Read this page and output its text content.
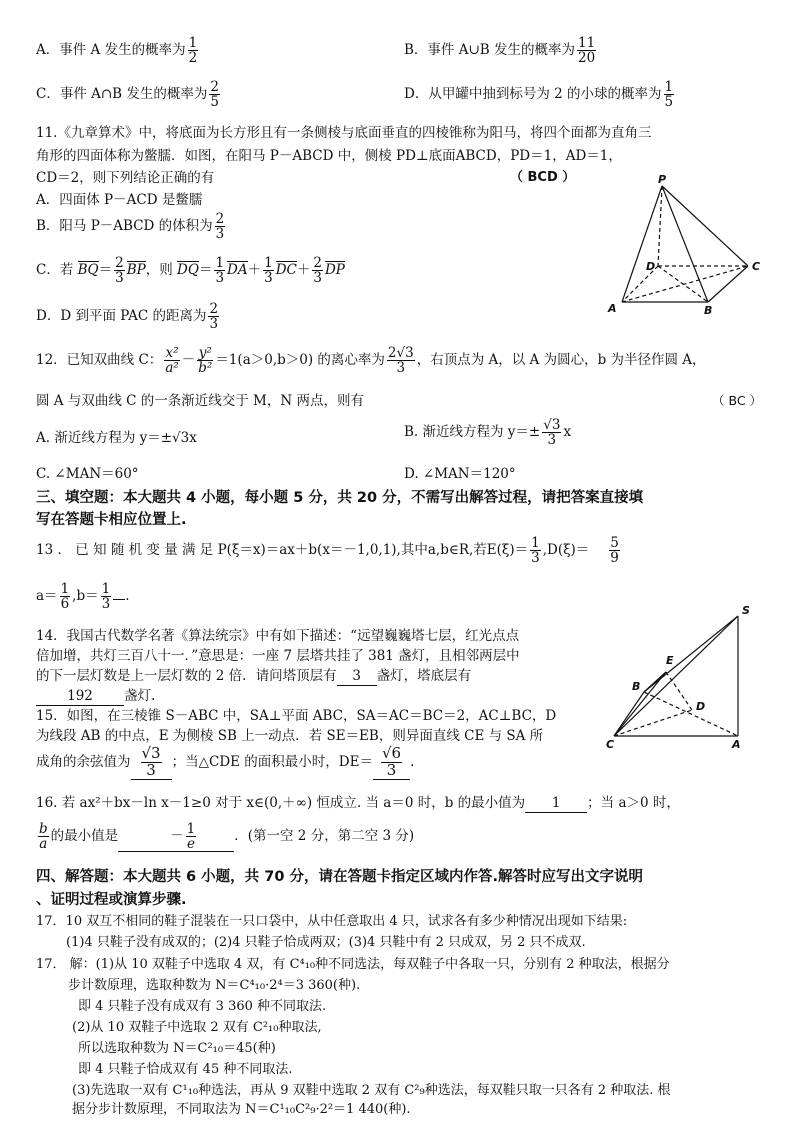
A．事件 A 发生的概率为 $\frac{1}{2}$	B．事件 A∪B 发生的概率为 $\frac{11}{20}$
C．事件 A∩B 发生的概率为 $\frac{2}{5}$	D．从甲罐中抽到标号为 2 的小球的概率为 $\frac{1}{5}$
11.《九章算术》中，将底面为长方形且有一条侧棱与底面垂直的四棱锥称为阳马，将四个面都为直角三
角形的四面体称为鳖臑．如图，在阳马 P－ABCD 中，侧棱 PD⊥底面ABCD，PD＝1，AD＝1，
CD＝2，则下列结论正确的有	（ BCD ）
A．四面体 P－ACD 是鳖臑
B．阳马 P－ABCD 的体积为 $\frac{2}{3}$
C．若 $BQ= \frac{2}{3}$ BP，则 $DQ= \frac{1}{3} DA+ \frac{1}{3} DC+ \frac{2}{3}$ DP
D．D 到平面 PAC 的距离为 $\frac{2}{3}$
P
A	B
C
D
12．已知双曲线 C： $\frac{\text{x²}}{\text{a²}} - \frac{\text{y²}}{\text{b²}} =1(a>0,b>0)$ 的离心率为 $\frac{2√3}{3}$ ，右顶点为 A，以 A 为圆心，b 为半径作圆 A，
圆 A 与双曲线 C 的一条渐近线交于 M，N 两点，则有	（ BC ）
A. 渐近线方程为 y＝±√3x	B. 渐近线方程为 $y=\pm \frac{√3}{3}$ x
C. ∠MAN＝60°	D. ∠MAN＝120°
三、填空题：本大题共 4 小题，每小题 5 分，共 20 分，不需写出解答过程，请把答案直接填
写在答题卡相应位置上.
13 ． 已 知 随 机 变 量 满 足 P(ξ＝x)＝ax＋b(x＝－1,0,1),其中a,b∈R,若$E(\xi)= \frac{1}{3} ,D(\xi)= \frac{5}{9}$
$a= \frac{1}{6} ,b= \frac{1}{3}$ .
14．我国古代数学名著《算法统宗》中有如下描述：“远望巍巍塔七层，红光点点
倍加增，共灯三百八十一．”意思是：一座 7 层塔共挂了 381 盏灯，且相邻两层中
的下一层灯数是上一层灯数的 2 倍．请问塔顶层有 3 盏灯，塔底层有
192 盏灯.
15．如图，在三棱锥 S－ABC 中，SA⊥平面 ABC，SA＝AC＝BC＝2，AC⊥BC，D
为线段 AB 的中点，E 为侧棱 SB 上一动点．若 SE＝EB，则异面直线 CE 与 SA 所
成角的余弦值为 $\frac{√3}{3}$ ；当△CDE 的面积最小时，$DE= \frac{√6}{3}$ .
S
E
B
D
C	A
16. 若 ax²＋bx－ln x－1≥0 对于 x∈(0,＋∞) 恒成立. 当 a＝0 时，b 的最小值为 1 ；当 a＞0 时，
$\frac{b}{a}$ 的最小值是	－ $\frac{1}{e}$	．(第一空 2 分，第二空 3 分)
四、解答题：本大题共 6 小题，共 70 分，请在答题卡指定区域内作答.解答时应写出文字说明
、证明过程或演算步骤.
17．10 双互不相同的鞋子混装在一只口袋中，从中任意取出 4 只，试求各有多少种情况出现如下结果:
(1)4 只鞋子没有成双的；(2)4 只鞋子恰成两双；(3)4 只鞋中有 2 只成双，另 2 只不成双.
17． 解：(1)从 10 双鞋子中选取 4 双，有 C⁴₁₀种不同选法，每双鞋子中各取一只，分别有 2 种取法，根据分
步计数原理，选取种数为 N＝C⁴₁₀·2⁴＝3 360(种).
即 4 只鞋子没有成双有 3 360 种不同取法.
(2)从 10 双鞋子中选取 2 双有 C²₁₀种取法,
所以选取种数为 N＝C²₁₀＝45(种)
即 4 只鞋子恰成双有 45 种不同取法.
(3)先选取一双有 C¹₁₀种选法，再从 9 双鞋中选取 2 双有 C²₉种选法，每双鞋只取一只各有 2 种取法. 根
据分步计数原理，不同取法为 N＝C¹₁₀C²₉·2²＝1 440(种).
